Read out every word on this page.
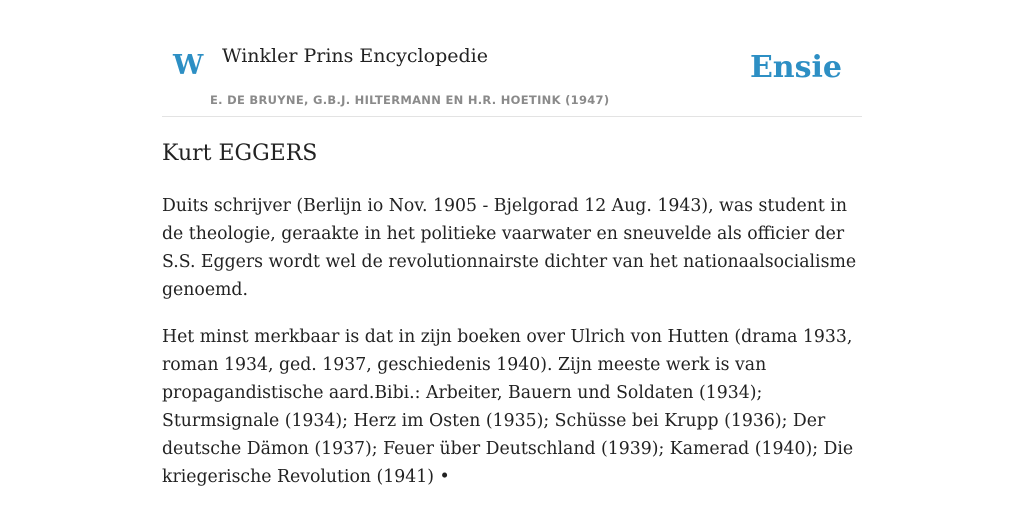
W Winkler Prins Encyclopedie
E. DE BRUYNE, G.B.J. HILTERMANN EN H.R. HOETINK (1947)
Ensie
Kurt EGGERS

Duits schrijver (Berlijn io Nov. 1905 - Bjelgorad 12 Aug. 1943), was student in de theologie, geraakte in het politieke vaarwater en sneuvelde als officier der S.S. Eggers wordt wel de revolutionnairste dichter van het nationaalsocialisme genoemd.

Het minst merkbaar is dat in zijn boeken over Ulrich von Hutten (drama 1933, roman 1934, ged. 1937, geschiedenis 1940). Zijn meeste werk is van propagandistische aard.Bibi.: Arbeiter, Bauern und Soldaten (1934); Sturmsignale (1934); Herz im Osten (1935); Schüsse bei Krupp (1936); Der deutsche Dämon (1937); Feuer über Deutschland (1939); Kamerad (1940); Die kriegerische Revolution (1941) •
